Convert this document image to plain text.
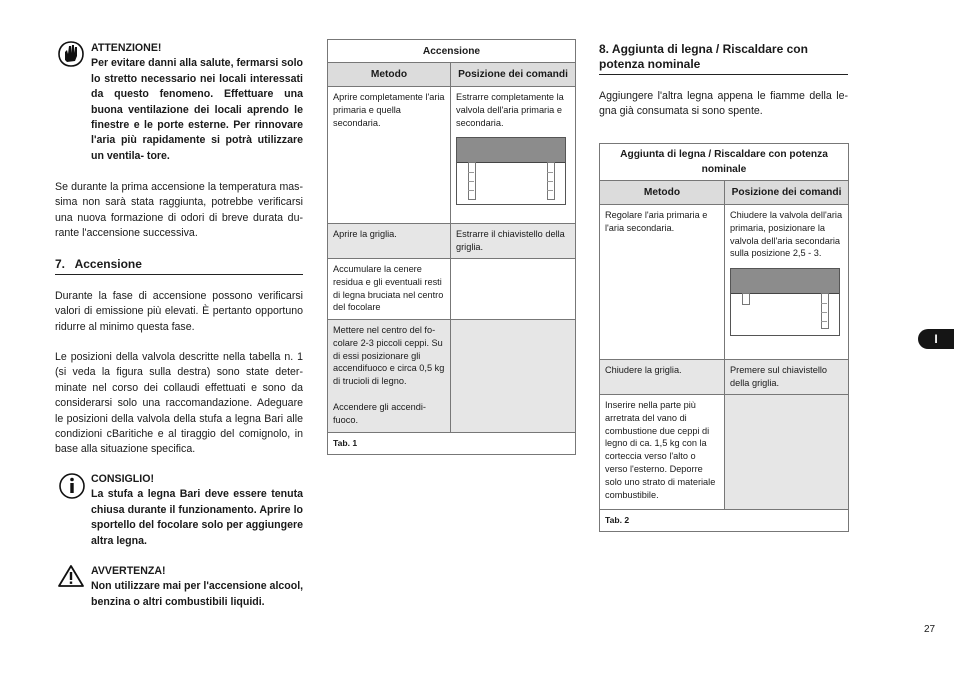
ATTENZIONE!

Per evitare danni alla salute, fermarsi solo lo stretto necessario nei locali interessati da questo fenomeno. Effettuare una buona ventilazione dei locali aprendo le finestre e le porte esterne. Per rinnovare l'aria più rapidamente si potrà utilizzare un ventila- tore.

Se durante la prima accensione la temperatura mas- sima non sarà stata raggiunta, potrebbe verificarsi una nuova formazione di odori di breve durata du- rante l'accensione successiva.

7.   Accensione

Durante la fase di accensione possono verificarsi valori di emissione più elevati. È pertanto opportuno ridurre al minimo questa fase.

Le posizioni della valvola descritte nella tabella n. 1 (si veda la figura sulla destra) sono state deter- minate nel corso dei collaudi effettuati e sono da considerarsi solo una raccomandazione. Adeguare le posizioni della valvola della stufa a legna Bari alle condizioni cBaritiche e al tiraggio del comignolo, in base alla situazione specifica.

CONSIGLIO!

La stufa a legna Bari deve essere tenuta chiusa durante il funzionamento. Aprire lo sportello del focolare solo per aggiungere altra legna.

AVVERTENZA!

Non utilizzare mai per l'accensione alcool, benzina o altri combustibili liquidi.

Accensione	
Metodo	Posizione dei comandi
Aprire completamente l'aria primaria e quella secondaria.	Estrarre completamente la valvola dell'aria primaria e secondaria.

Aprire la griglia.	Estrarre il chiavistello della griglia.
Accumulare la cenere residua e gli eventuali resti di legna bruciata nel centro del focolare	

Mettere nel centro del fo- colare 2-3 piccoli ceppi. Su di essi posizionare gli accendifuoco e circa 0,5 kg di trucioli di legno.
Accendere gli accendi- fuoco.	

Tab. 1	
8. Aggiunta di legna / Riscaldare con potenza nominale

Aggiungere l'altra legna appena le fiamme della le- gna già consumata si sono spente.

Aggiunta di legna / Riscaldare con potenza nominale	
Metodo	Posizione dei comandi
Regolare l'aria primaria e l'aria secondaria.	Chiudere la valvola dell'aria primaria, posizionare la valvola dell'aria secondaria sulla posizione 2,5 - 3.

Chiudere la griglia.	Premere sul chiavistello della griglia.
Inserire nella parte più arretrata del vano di combustione due ceppi di legno di ca. 1,5 kg con la corteccia verso l'alto o verso l'esterno. Deporre solo uno strato di materiale combustibile.	
Tab. 2	
I
27
